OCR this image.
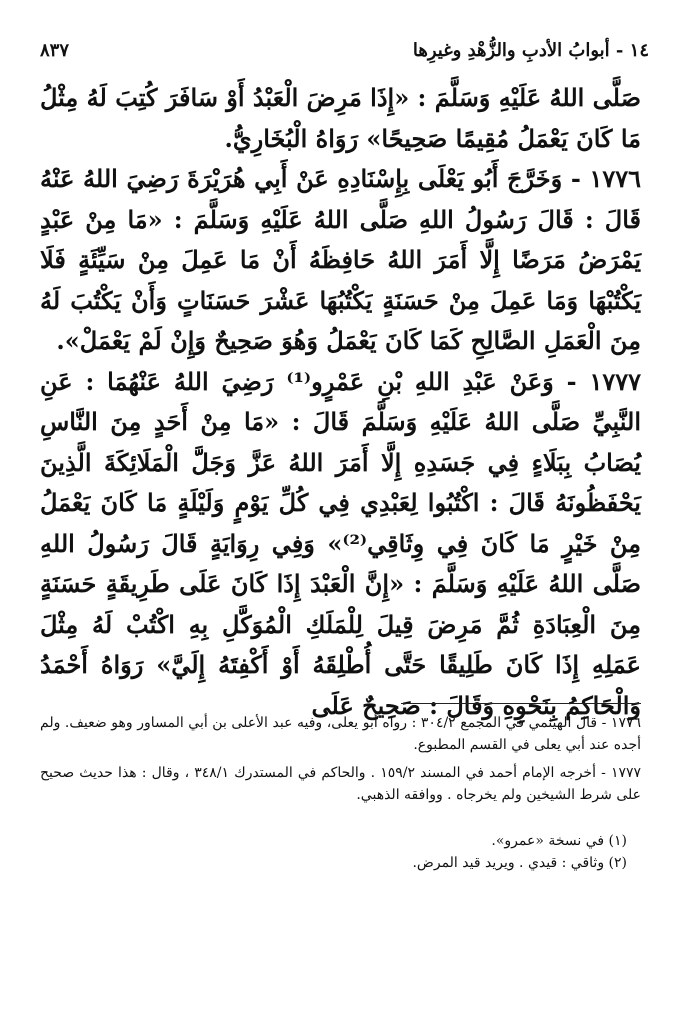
١٤ - أبوابُ الأدبِ والزُّهْدِ وغيرِها
٨٣٧

صَلَّى اللهُ عَلَيْهِ وَسَلَّمَ : «إِذَا مَرِضَ الْعَبْدُ أَوْ سَافَرَ كُتِبَ لَهُ مِثْلُ مَا كَانَ يَعْمَلُ مُقِيمًا صَحِيحًا» رَوَاهُ الْبُخَارِيُّ.

١٧٧٦ - وَخَرَّجَ أَبُو يَعْلَى بِإِسْنَادِهِ عَنْ أَبِي هُرَيْرَةَ رَضِيَ اللهُ عَنْهُ قَالَ : قَالَ رَسُولُ اللهِ صَلَّى اللهُ عَلَيْهِ وَسَلَّمَ : «مَا مِنْ عَبْدٍ يَمْرَضُ مَرَضًا إِلَّا أَمَرَ اللهُ حَافِظَهُ أَنْ مَا عَمِلَ مِنْ سَيِّئَةٍ فَلَا يَكْتُبْهَا وَمَا عَمِلَ مِنْ حَسَنَةٍ يَكْتُبُهَا عَشْرَ حَسَنَاتٍ وَأَنْ يَكْتُبَ لَهُ مِنَ الْعَمَلِ الصَّالِحِ كَمَا كَانَ يَعْمَلُ وَهُوَ صَحِيحٌ وَإِنْ لَمْ يَعْمَلْ».

١٧٧٧ - وَعَنْ عَبْدِ اللهِ بْنِ عَمْرٍو⁽¹⁾ رَضِيَ اللهُ عَنْهُمَا : عَنِ النَّبِيِّ صَلَّى اللهُ عَلَيْهِ وَسَلَّمَ قَالَ : «مَا مِنْ أَحَدٍ مِنَ النَّاسِ يُصَابُ بِبَلَاءٍ فِي جَسَدِهِ إِلَّا أَمَرَ اللهُ عَزَّ وَجَلَّ الْمَلَائِكَةَ الَّذِينَ يَحْفَظُونَهُ قَالَ : اكْتُبُوا لِعَبْدِي فِي كُلِّ يَوْمٍ وَلَيْلَةٍ مَا كَانَ يَعْمَلُ مِنْ خَيْرٍ مَا كَانَ فِي وِثَاقِي⁽²⁾» وَفِي رِوَايَةٍ قَالَ رَسُولُ اللهِ صَلَّى اللهُ عَلَيْهِ وَسَلَّمَ : «إِنَّ الْعَبْدَ إِذَا كَانَ عَلَى طَرِيقَةٍ حَسَنَةٍ مِنَ الْعِبَادَةِ ثُمَّ مَرِضَ قِيلَ لِلْمَلَكِ الْمُوَكَّلِ بِهِ اكْتُبْ لَهُ مِثْلَ عَمَلِهِ إِذَا كَانَ طَلِيقًا حَتَّى أُطْلِقَهُ أَوْ أَكْفِتَهُ إِلَيَّ» رَوَاهُ أَحْمَدُ وَالْحَاكِمُ بِنَحْوِهِ وَقَالَ : صَحِيحٌ عَلَى

١٧٧٦ - قال الهيثمي في المجمع ٣٠٤/٢ : رواه أبو يعلى، وفيه عبد الأعلى بن أبي المساور وهو ضعيف. ولم أجده عند أبي يعلى في القسم المطبوع.

١٧٧٧ - أخرجه الإمام أحمد في المسند ١٥٩/٢ . والحاكم في المستدرك ٣٤٨/١ ، وقال : هذا حديث صحيح على شرط الشيخين ولم يخرجاه . ووافقه الذهبي.

(١) في نسخة «عمرو».

(٢) وثاقي : قيدي . ويريد قيد المرض.
